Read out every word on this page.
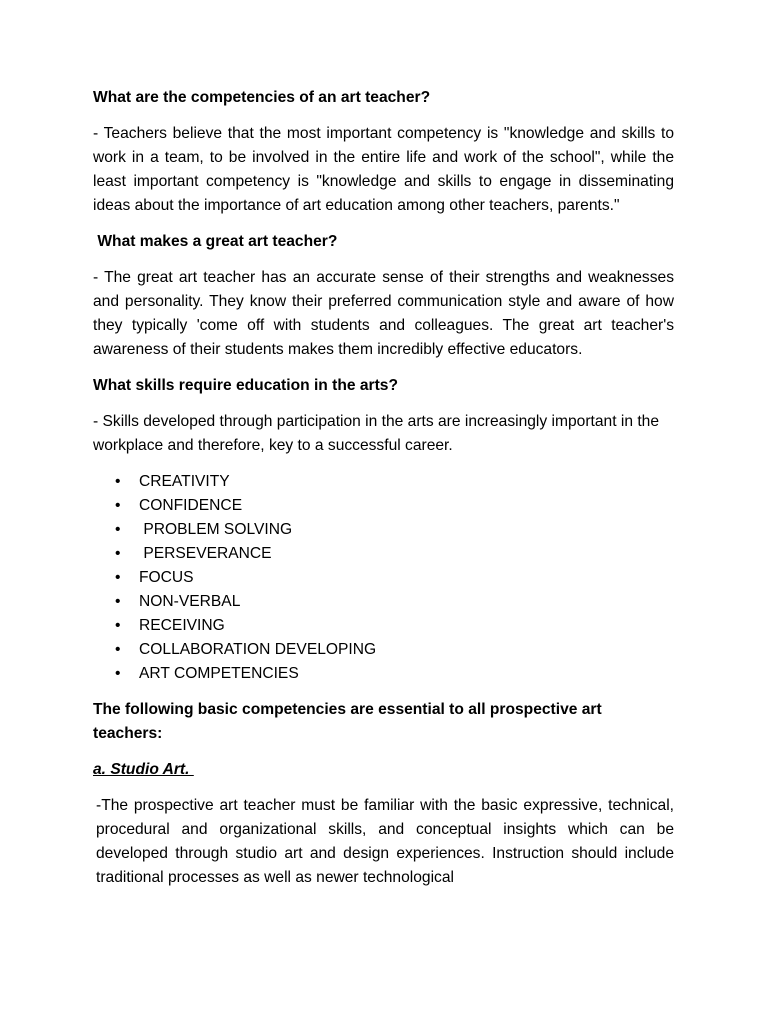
What are the competencies of an art teacher?
- Teachers believe that the most important competency is "knowledge and skills to work in a team, to be involved in the entire life and work of the school", while the least important competency is "knowledge and skills to engage in disseminating ideas about the importance of art education among other teachers, parents."
What makes a great art teacher?
- The great art teacher has an accurate sense of their strengths and weaknesses and personality. They know their preferred communication style and aware of how they typically 'come off with students and colleagues. The great art teacher's awareness of their students makes them incredibly effective educators.
What skills require education in the arts?
- Skills developed through participation in the arts are increasingly important in the workplace and therefore, key to a successful career.
• CREATIVITY
• CONFIDENCE
• PROBLEM SOLVING
• PERSEVERANCE
• FOCUS
• NON-VERBAL
• RECEIVING
• COLLABORATION DEVELOPING
• ART COMPETENCIES
The following basic competencies are essential to all prospective art teachers:
a. Studio Art.
-The prospective art teacher must be familiar with the basic expressive, technical, procedural and organizational skills, and conceptual insights which can be developed through studio art and design experiences. Instruction should include traditional processes as well as newer technological
